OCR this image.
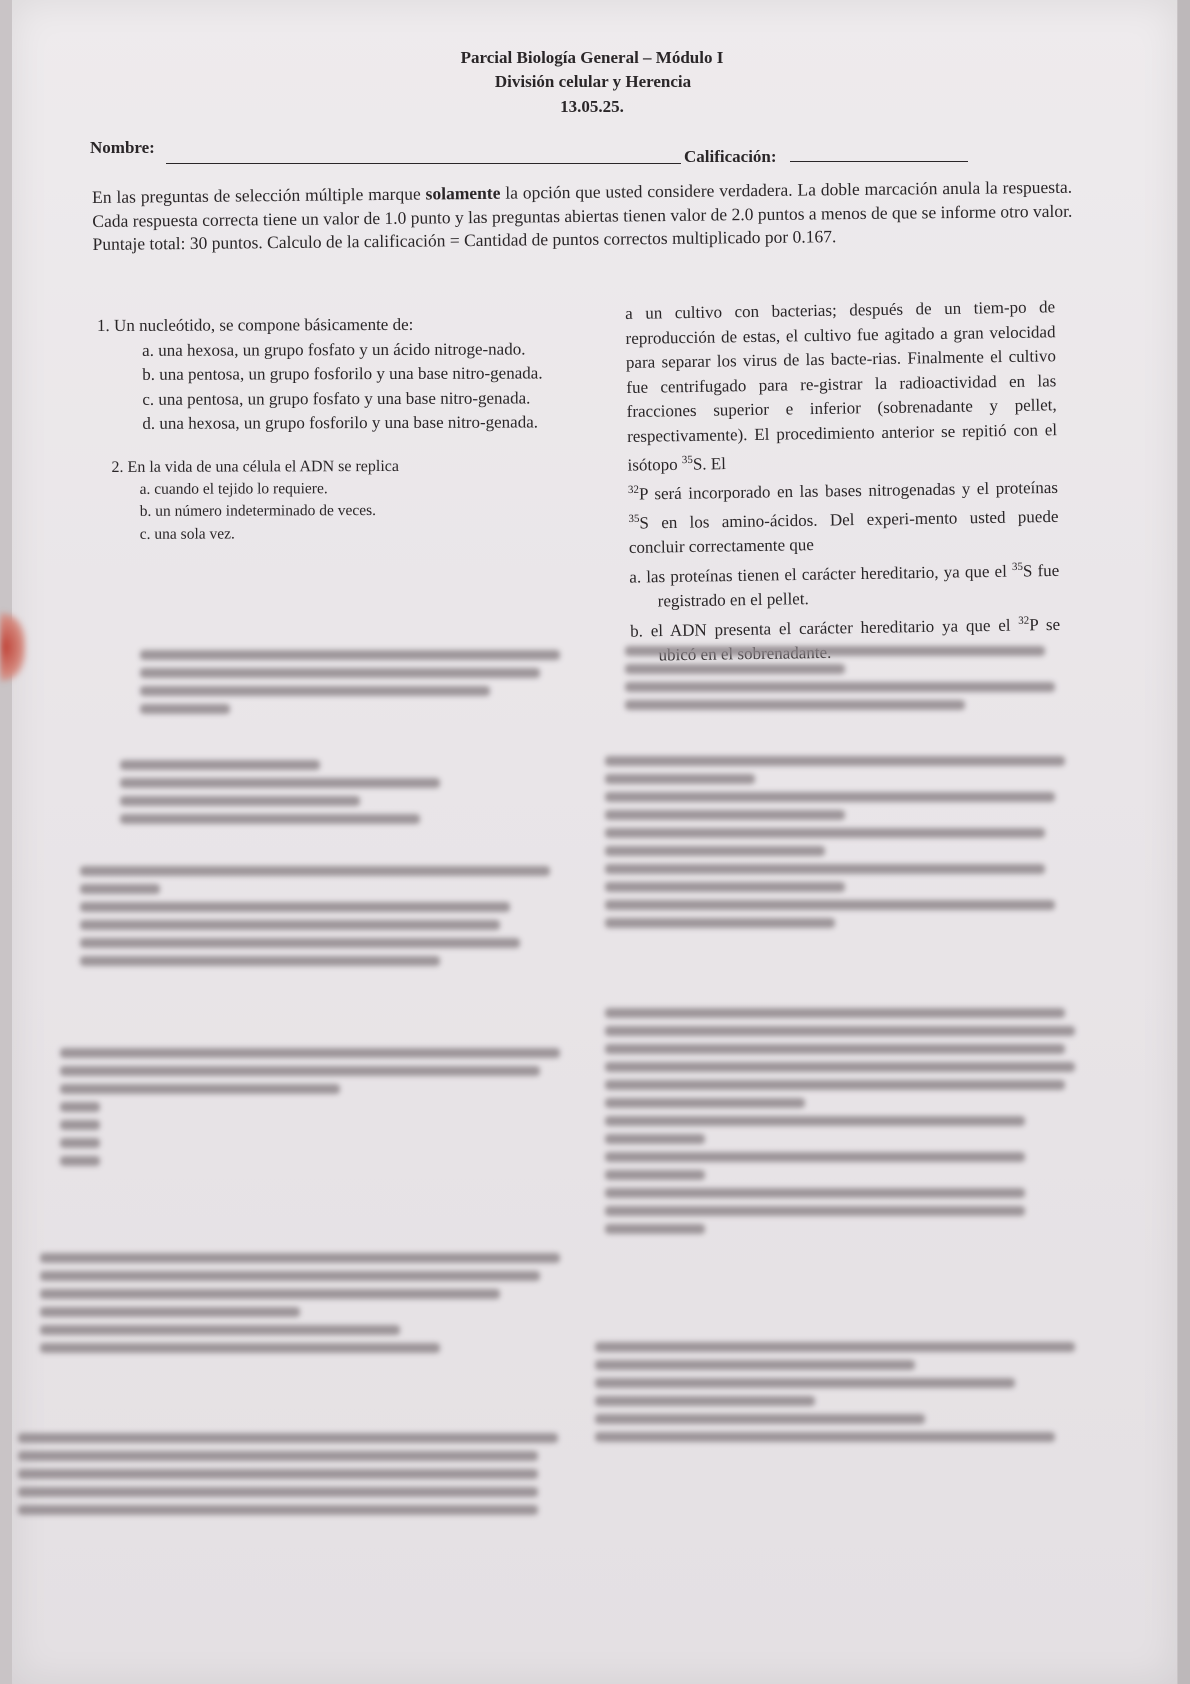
Parcial Biología General – Módulo I
División celular y Herencia
13.05.25.
Nombre:	Calificación:
En las preguntas de selección múltiple marque solamente la opción que usted considere verdadera. La doble marcación anula la respuesta. Cada respuesta correcta tiene un valor de 1.0 punto y las preguntas abiertas tienen valor de 2.0 puntos a menos de que se informe otro valor. Puntaje total: 30 puntos. Calculo de la calificación = Cantidad de puntos correctos multiplicado por 0.167.

1. Un nucleótido, se compone básicamente de:

a. una hexosa, un grupo fosfato y un ácido nitroge-nado.

b. una pentosa, un grupo fosforilo y una base nitro-genada.

c. una pentosa, un grupo fosfato y una base nitro-genada.

d. una hexosa, un grupo fosforilo y una base nitro-genada.

2. En la vida de una célula el ADN se replica

a. cuando el tejido lo requiere.

b. un número indeterminado de veces.

c. una sola vez.

a un cultivo con bacterias; después de un tiem-po de reproducción de estas, el cultivo fue agitado a gran velocidad para separar los virus de las bacte-rias. Finalmente el cultivo fue centrifugado para re-gistrar la radioactividad en las fracciones superior e inferior (sobrenadante y pellet, respectivamente). El procedimiento anterior se repitió con el isótopo $^{35}$S. El
$^{32}$P será incorporado en las bases nitrogenadas y el proteínas $^{35}$S en los amino-ácidos. Del experi-mento usted puede concluir correctamente que

a. las proteínas tienen el carácter hereditario, ya que el $^{35}$S fue registrado en el pellet.

b. el ADN presenta el carácter hereditario ya que el $^{32}$P se
